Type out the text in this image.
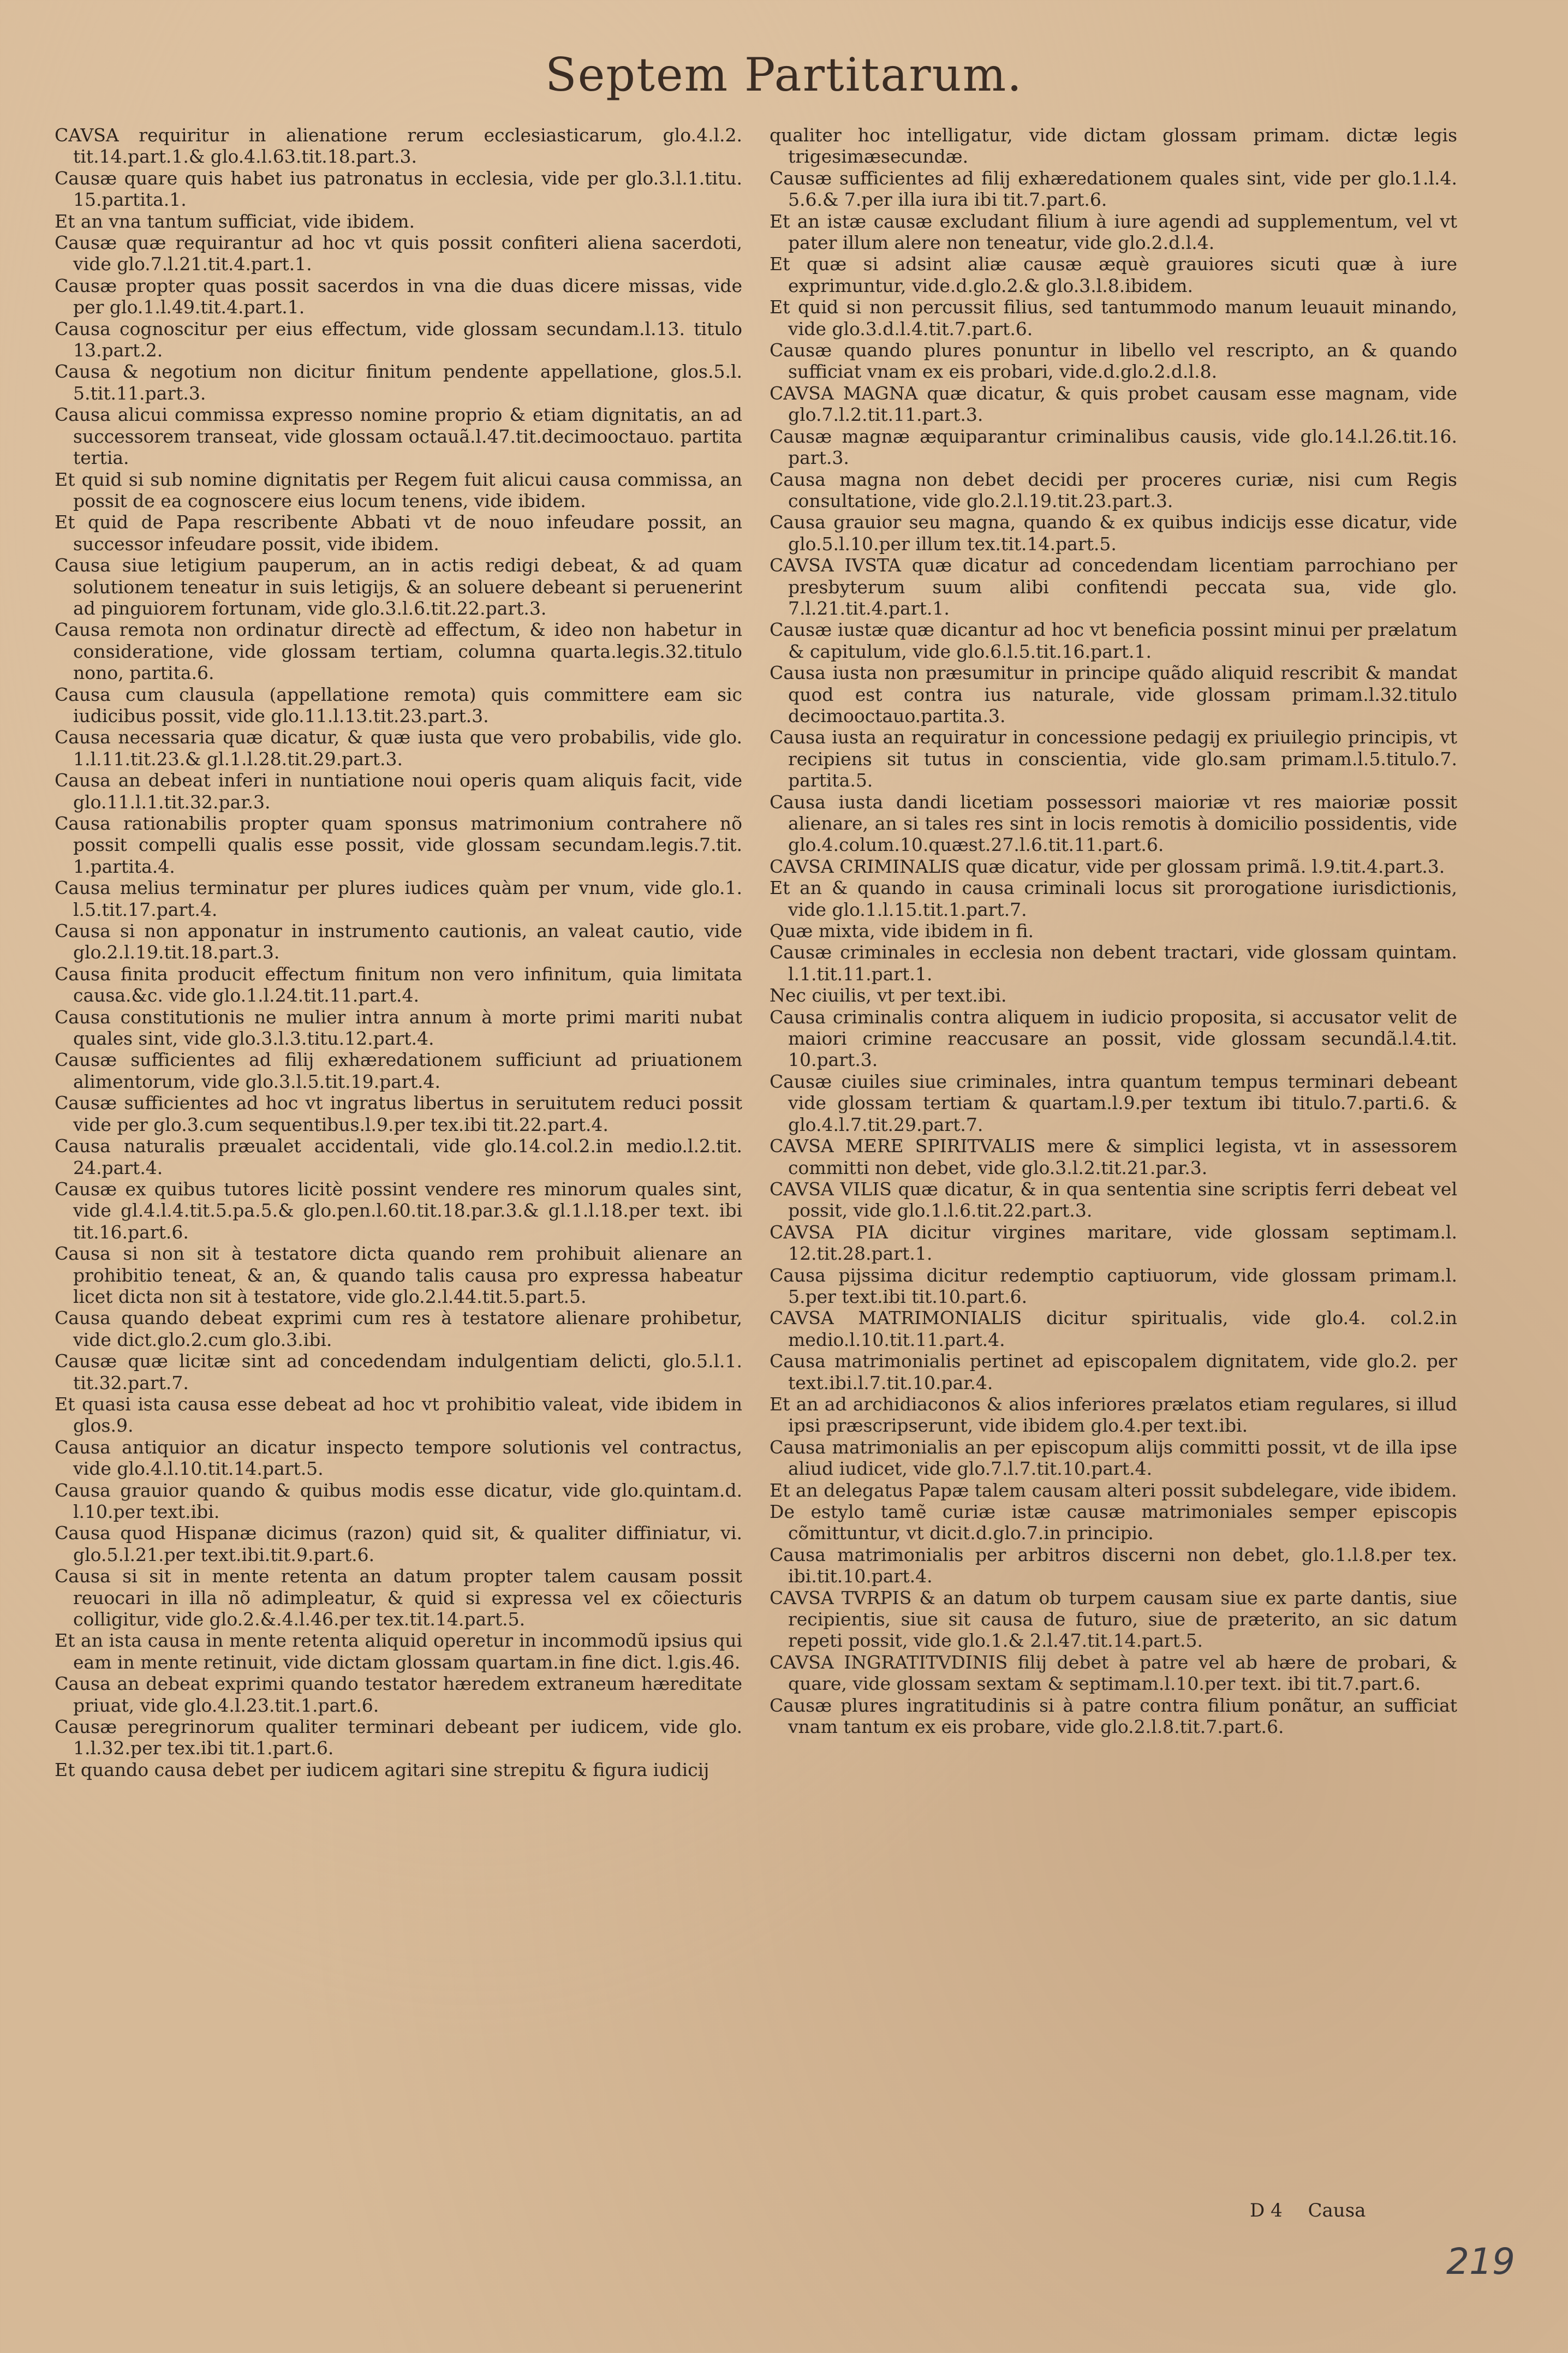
Septem Partitarum.

CAVSA requiritur in alienatione rerum ecclesiasticarum, glo.4.l.2. tit.14.part.1.& glo.4.l.63.tit.18.part.3.

Causæ quare quis habet ius patronatus in ecclesia, vide per glo.3.l.1.titu. 15.partita.1.

Et an vna tantum sufficiat, vide ibidem.

Causæ quæ requirantur ad hoc vt quis possit confiteri aliena sacerdoti, vide glo.7.l.21.tit.4.part.1.

Causæ propter quas possit sacerdos in vna die duas dicere missas, vide per glo.1.l.49.tit.4.part.1.

Causa cognoscitur per eius effectum, vide glossam secundam.l.13. titulo 13.part.2.

Causa & negotium non dicitur finitum pendente appellatione, glos.5.l. 5.tit.11.part.3.

Causa alicui commissa expresso nomine proprio & etiam dignitatis, an ad successorem transeat, vide glossam octauã.l.47.tit.decimooctauo. partita tertia.

Et quid si sub nomine dignitatis per Regem fuit alicui causa commissa, an possit de ea cognoscere eius locum tenens, vide ibidem.

Et quid de Papa rescribente Abbati vt de nouo infeudare possit, an successor infeudare possit, vide ibidem.

Causa siue letigium pauperum, an in actis redigi debeat, & ad quam solutionem teneatur in suis letigijs, & an soluere debeant si peruenerint ad pinguiorem fortunam, vide glo.3.l.6.tit.22.part.3.

Causa remota non ordinatur directè ad effectum, & ideo non habetur in consideratione, vide glossam tertiam, columna quarta.legis.32.titulo nono, partita.6.

Causa cum clausula (appellatione remota) quis committere eam sic iudicibus possit, vide glo.11.l.13.tit.23.part.3.

Causa necessaria quæ dicatur, & quæ iusta que vero probabilis, vide glo. 1.l.11.tit.23.& gl.1.l.28.tit.29.part.3.

Causa an debeat inferi in nuntiatione noui operis quam aliquis facit, vide glo.11.l.1.tit.32.par.3.

Causa rationabilis propter quam sponsus matrimonium contrahere nõ possit compelli qualis esse possit, vide glossam secundam.legis.7.tit. 1.partita.4.

Causa melius terminatur per plures iudices quàm per vnum, vide glo.1. l.5.tit.17.part.4.

Causa si non apponatur in instrumento cautionis, an valeat cautio, vide glo.2.l.19.tit.18.part.3.

Causa finita producit effectum finitum non vero infinitum, quia limitata causa.&c. vide glo.1.l.24.tit.11.part.4.

Causa constitutionis ne mulier intra annum à morte primi mariti nubat quales sint, vide glo.3.l.3.titu.12.part.4.

Causæ sufficientes ad filij exhæredationem sufficiunt ad priuationem alimentorum, vide glo.3.l.5.tit.19.part.4.

Causæ sufficientes ad hoc vt ingratus libertus in seruitutem reduci possit vide per glo.3.cum sequentibus.l.9.per tex.ibi tit.22.part.4.

Causa naturalis præualet accidentali, vide glo.14.col.2.in medio.l.2.tit. 24.part.4.

Causæ ex quibus tutores licitè possint vendere res minorum quales sint, vide gl.4.l.4.tit.5.pa.5.& glo.pen.l.60.tit.18.par.3.& gl.1.l.18.per text. ibi tit.16.part.6.

Causa si non sit à testatore dicta quando rem prohibuit alienare an prohibitio teneat, & an, & quando talis causa pro expressa habeatur licet dicta non sit à testatore, vide glo.2.l.44.tit.5.part.5.

Causa quando debeat exprimi cum res à testatore alienare prohibetur, vide dict.glo.2.cum glo.3.ibi.

Causæ quæ licitæ sint ad concedendam indulgentiam delicti, glo.5.l.1. tit.32.part.7.

Et quasi ista causa esse debeat ad hoc vt prohibitio valeat, vide ibidem in glos.9.

Causa antiquior an dicatur inspecto tempore solutionis vel contractus, vide glo.4.l.10.tit.14.part.5.

Causa grauior quando & quibus modis esse dicatur, vide glo.quintam.d. l.10.per text.ibi.

Causa quod Hispanæ dicimus (razon) quid sit, & qualiter diffiniatur, vi. glo.5.l.21.per text.ibi.tit.9.part.6.

Causa si sit in mente retenta an datum propter talem causam possit reuocari in illa nõ adimpleatur, & quid si expressa vel ex cõiecturis colligitur, vide glo.2.&.4.l.46.per tex.tit.14.part.5.

Et an ista causa in mente retenta aliquid operetur in incommodũ ipsius qui eam in mente retinuit, vide dictam glossam quartam.in fine dict. l.gis.46.

Causa an debeat exprimi quando testator hæredem extraneum hæreditate priuat, vide glo.4.l.23.tit.1.part.6.

Causæ peregrinorum qualiter terminari debeant per iudicem, vide glo. 1.l.32.per tex.ibi tit.1.part.6.

Et quando causa debet per iudicem agitari sine strepitu & figura iudicij

qualiter hoc intelligatur, vide dictam glossam primam. dictæ legis trigesimæsecundæ.

Causæ sufficientes ad filij exhæredationem quales sint, vide per glo.1.l.4. 5.6.& 7.per illa iura ibi tit.7.part.6.

Et an istæ causæ excludant filium à iure agendi ad supplementum, vel vt pater illum alere non teneatur, vide glo.2.d.l.4.

Et quæ si adsint aliæ causæ æquè grauiores sicuti quæ à iure exprimuntur, vide.d.glo.2.& glo.3.l.8.ibidem.

Et quid si non percussit filius, sed tantummodo manum leuauit minando, vide glo.3.d.l.4.tit.7.part.6.

Causæ quando plures ponuntur in libello vel rescripto, an & quando sufficiat vnam ex eis probari, vide.d.glo.2.d.l.8.

CAVSA MAGNA quæ dicatur, & quis probet causam esse magnam, vide glo.7.l.2.tit.11.part.3.

Causæ magnæ æquiparantur criminalibus causis, vide glo.14.l.26.tit.16. part.3.

Causa magna non debet decidi per proceres curiæ, nisi cum Regis consultatione, vide glo.2.l.19.tit.23.part.3.

Causa grauior seu magna, quando & ex quibus indicijs esse dicatur, vide glo.5.l.10.per illum tex.tit.14.part.5.

CAVSA IVSTA quæ dicatur ad concedendam licentiam parrochiano per presbyterum suum alibi confitendi peccata sua, vide glo. 7.l.21.tit.4.part.1.

Causæ iustæ quæ dicantur ad hoc vt beneficia possint minui per prælatum & capitulum, vide glo.6.l.5.tit.16.part.1.

Causa iusta non præsumitur in principe quãdo aliquid rescribit & mandat quod est contra ius naturale, vide glossam primam.l.32.titulo decimooctauo.partita.3.

Causa iusta an requiratur in concessione pedagij ex priuilegio principis, vt recipiens sit tutus in conscientia, vide glo.sam primam.l.5.titulo.7. partita.5.

Causa iusta dandi licetiam possessori maioriæ vt res maioriæ possit alienare, an si tales res sint in locis remotis à domicilio possidentis, vide glo.4.colum.10.quæst.27.l.6.tit.11.part.6.

CAVSA CRIMINALIS quæ dicatur, vide per glossam primã. l.9.tit.4.part.3.

Et an & quando in causa criminali locus sit prorogatione iurisdictionis, vide glo.1.l.15.tit.1.part.7.

Quæ mixta, vide ibidem in fi.

Causæ criminales in ecclesia non debent tractari, vide glossam quintam. l.1.tit.11.part.1.

Nec ciuilis, vt per text.ibi.

Causa criminalis contra aliquem in iudicio proposita, si accusator velit de maiori crimine reaccusare an possit, vide glossam secundã.l.4.tit. 10.part.3.

Causæ ciuiles siue criminales, intra quantum tempus terminari debeant vide glossam tertiam & quartam.l.9.per textum ibi titulo.7.parti.6. & glo.4.l.7.tit.29.part.7.

CAVSA MERE SPIRITVALIS mere & simplici legista, vt in assessorem committi non debet, vide glo.3.l.2.tit.21.par.3.

CAVSA VILIS quæ dicatur, & in qua sententia sine scriptis ferri debeat vel possit, vide glo.1.l.6.tit.22.part.3.

CAVSA PIA dicitur virgines maritare, vide glossam septimam.l. 12.tit.28.part.1.

Causa pijssima dicitur redemptio captiuorum, vide glossam primam.l. 5.per text.ibi tit.10.part.6.

CAVSA MATRIMONIALIS dicitur spiritualis, vide glo.4. col.2.in medio.l.10.tit.11.part.4.

Causa matrimonialis pertinet ad episcopalem dignitatem, vide glo.2. per text.ibi.l.7.tit.10.par.4.

Et an ad archidiaconos & alios inferiores prælatos etiam regulares, si illud ipsi præscripserunt, vide ibidem glo.4.per text.ibi.

Causa matrimonialis an per episcopum alijs committi possit, vt de illa ipse aliud iudicet, vide glo.7.l.7.tit.10.part.4.

Et an delegatus Papæ talem causam alteri possit subdelegare, vide ibidem.

De estylo tamẽ curiæ istæ causæ matrimoniales semper episcopis cõmittuntur, vt dicit.d.glo.7.in principio.

Causa matrimonialis per arbitros discerni non debet, glo.1.l.8.per tex. ibi.tit.10.part.4.

CAVSA TVRPIS & an datum ob turpem causam siue ex parte dantis, siue recipientis, siue sit causa de futuro, siue de præterito, an sic datum repeti possit, vide glo.1.& 2.l.47.tit.14.part.5.

CAVSA INGRATITVDINIS filij debet à patre vel ab hære de probari, & quare, vide glossam sextam & septimam.l.10.per text. ibi tit.7.part.6.

Causæ plures ingratitudinis si à patre contra filium ponãtur, an sufficiat vnam tantum ex eis probare, vide glo.2.l.8.tit.7.part.6.

D 4 Causa
219
